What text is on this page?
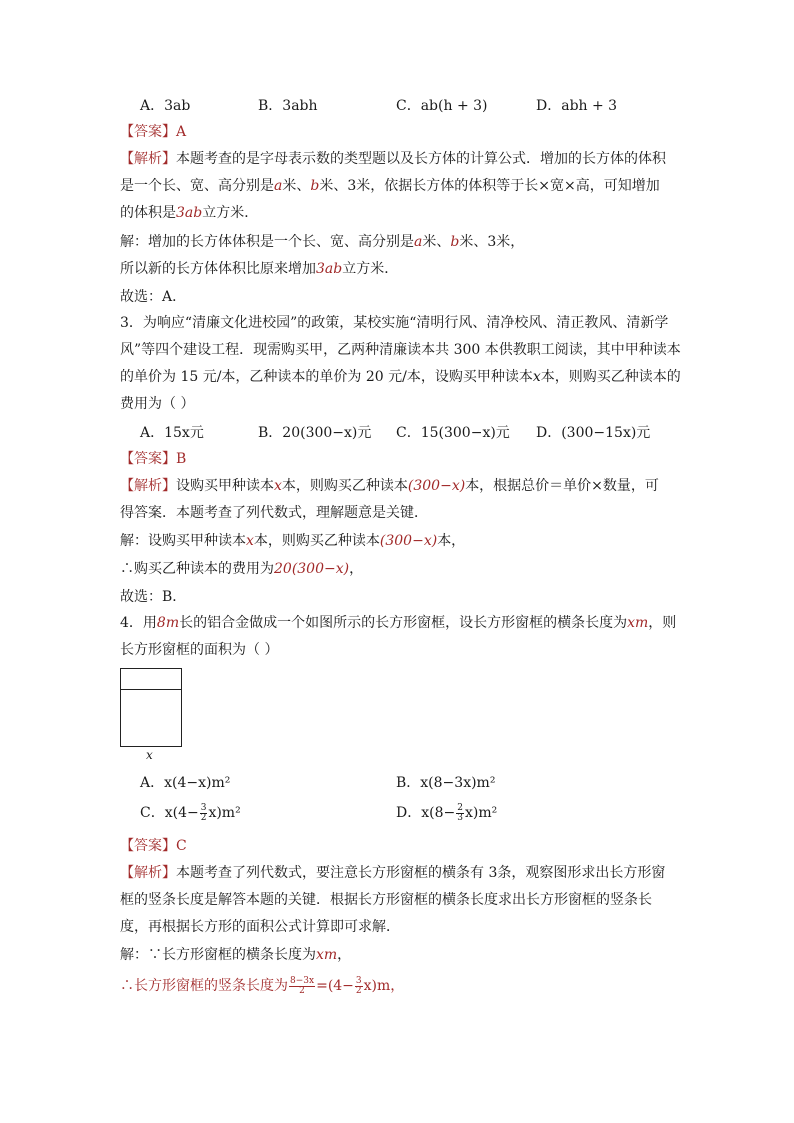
A．3ab	B．3abh	C．ab(h + 3)	D．abh + 3
【答案】A
【解析】本题考查的是字母表示数的类型题以及长方体的计算公式．增加的长方体的体积
是一个长、宽、高分别是a米、b米、3米，依据长方体的体积等于长×宽×高，可知增加
的体积是3ab立方米．
解：增加的长方体体积是一个长、宽、高分别是a米、b米、3米，
所以新的长方体体积比原来增加3ab立方米．
故选：A．
3．为响应“清廉文化进校园”的政策，某校实施“清明行风、清净校风、清正教风、清新学
风”等四个建设工程．现需购买甲，乙两种清廉读本共 300 本供教职工阅读，其中甲种读本
的单价为 15 元/本，乙种读本的单价为 20 元/本，设购买甲种读本x本，则购买乙种读本的
费用为（ ）
A．15x元	B．20(300−x)元 C．15(300−x)元 D．(300−15x)元
【答案】B
【解析】设购买甲种读本x本，则购买乙种读本(300−x)本，根据总价＝单价×数量，可
得答案．本题考查了列代数式，理解题意是关键．
解：设购买甲种读本x本，则购买乙种读本(300−x)本，
∴购买乙种读本的费用为20(300−x)，
故选：B．
4．用8m长的铝合金做成一个如图所示的长方形窗框，设长方形窗框的横条长度为xm，则
长方形窗框的面积为（ ）
x
A．x(4−x)m²	B．x(8−3x)m²
C．$x(4- \frac{3}{2} x)m^2$	D．$x(8- \frac{2}{3} x)m^2$
【答案】C
【解析】本题考查了列代数式，要注意长方形窗框的横条有 3条，观察图形求出长方形窗
框的竖条长度是解答本题的关键．根据长方形窗框的横条长度求出长方形窗框的竖条长
度，再根据长方形的面积公式计算即可求解．
解：∵长方形窗框的横条长度为xm，
∴长方形窗框的竖条长度为 $\frac{8-3x}{2} =(4- \frac{3}{2} x)m$，
